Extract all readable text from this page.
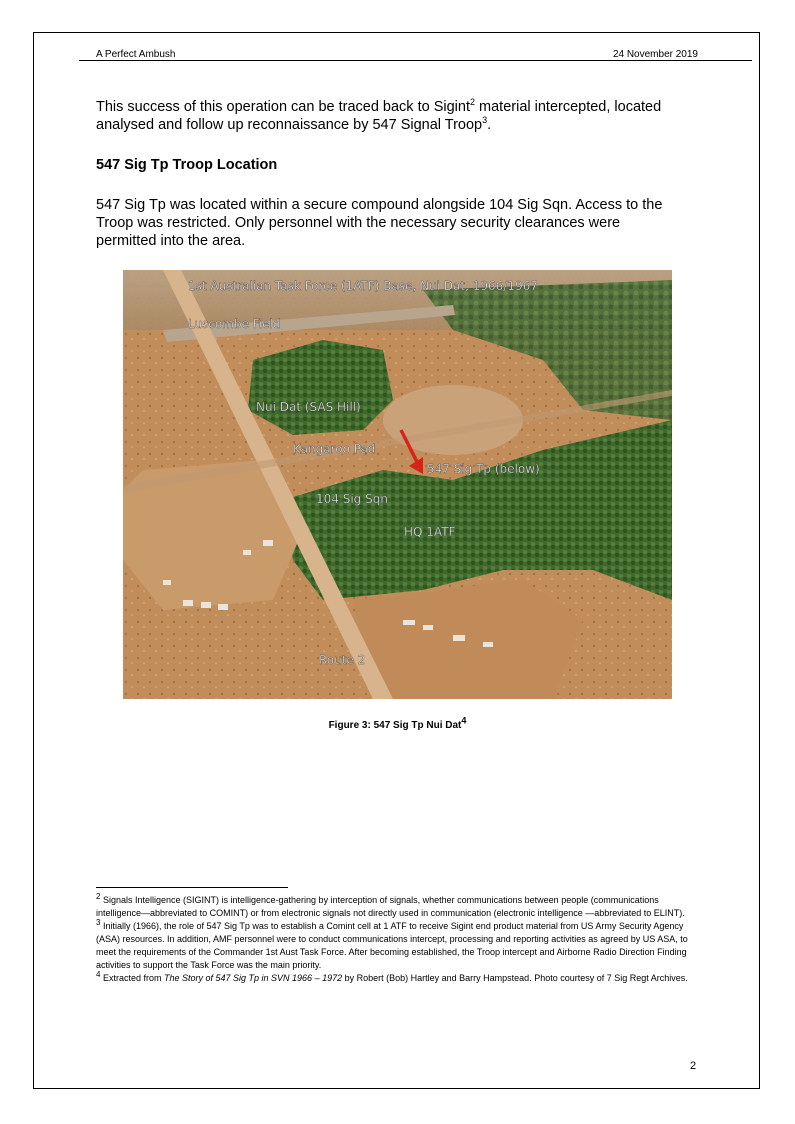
A Perfect Ambush	24 November 2019
This success of this operation can be traced back to Sigint$^2$ material intercepted, located analysed and follow up reconnaissance by 547 Signal Troop$^3$.
547 Sig Tp Troop Location
547 Sig Tp was located within a secure compound alongside 104 Sig Sqn. Access to the Troop was restricted. Only personnel with the necessary security clearances were permitted into the area.
1st Australian Task Force (1ATF) Base, Nui Dat, 1966/1967
Luscombe Field
Nui Dat (SAS Hill)
Kangaroo Pad
547 Sig Tp (below)
104 Sig Sqn
HQ 1ATF
Route 2
Figure 3: 547 Sig Tp Nui Dat$^4$

$^2$ Signals Intelligence (SIGINT) is intelligence-gathering by interception of signals, whether communications between people (communications intelligence—abbreviated to COMINT) or from electronic signals not directly used in communication (electronic intelligence —abbreviated to ELINT).

$^3$ Initially (1966), the role of 547 Sig Tp was to establish a Comint cell at 1 ATF to receive Sigint end product material from US Army Security Agency (ASA) resources. In addition, AMF personnel were to conduct communications intercept, processing and reporting activities as agreed by US ASA, to meet the requirements of the Commander 1st Aust Task Force. After becoming established, the Troop intercept and Airborne Radio Direction Finding activities to support the Task Force was the main priority.

$^4$ Extracted from The Story of 547 Sig Tp in SVN 1966 – 1972 by Robert (Bob) Hartley and Barry Hampstead. Photo courtesy of 7 Sig Regt Archives.

2
